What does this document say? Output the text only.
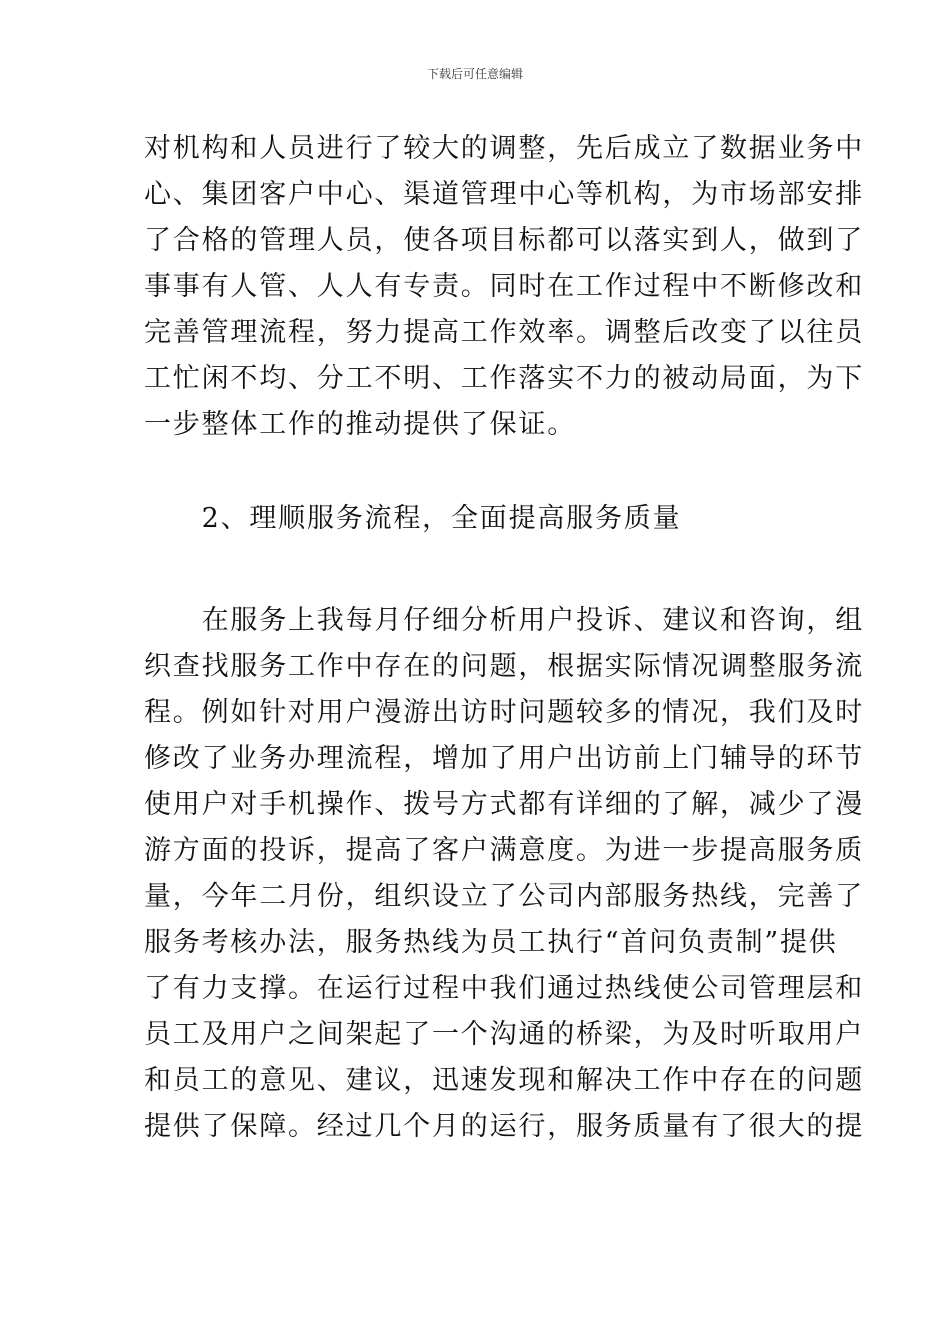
下载后可任意编辑
对机构和人员进行了较大的调整，先后成立了数据业务中
心、集团客户中心、渠道管理中心等机构，为市场部安排
了合格的管理人员，使各项目标都可以落实到人，做到了
事事有人管、人人有专责。同时在工作过程中不断修改和
完善管理流程，努力提高工作效率。调整后改变了以往员
工忙闲不均、分工不明、工作落实不力的被动局面，为下
一步整体工作的推动提供了保证。
　　2、理顺服务流程，全面提高服务质量
　　在服务上我每月仔细分析用户投诉、建议和咨询，组
织查找服务工作中存在的问题，根据实际情况调整服务流
程。例如针对用户漫游出访时问题较多的情况，我们及时
修改了业务办理流程，增加了用户出访前上门辅导的环节
使用户对手机操作、拨号方式都有详细的了解，减少了漫
游方面的投诉，提高了客户满意度。为进一步提高服务质
量，今年二月份，组织设立了公司内部服务热线，完善了
服务考核办法，服务热线为员工执行“首问负责制”提供
了有力支撑。在运行过程中我们通过热线使公司管理层和
员工及用户之间架起了一个沟通的桥梁，为及时听取用户
和员工的意见、建议，迅速发现和解决工作中存在的问题
提供了保障。经过几个月的运行，服务质量有了很大的提
